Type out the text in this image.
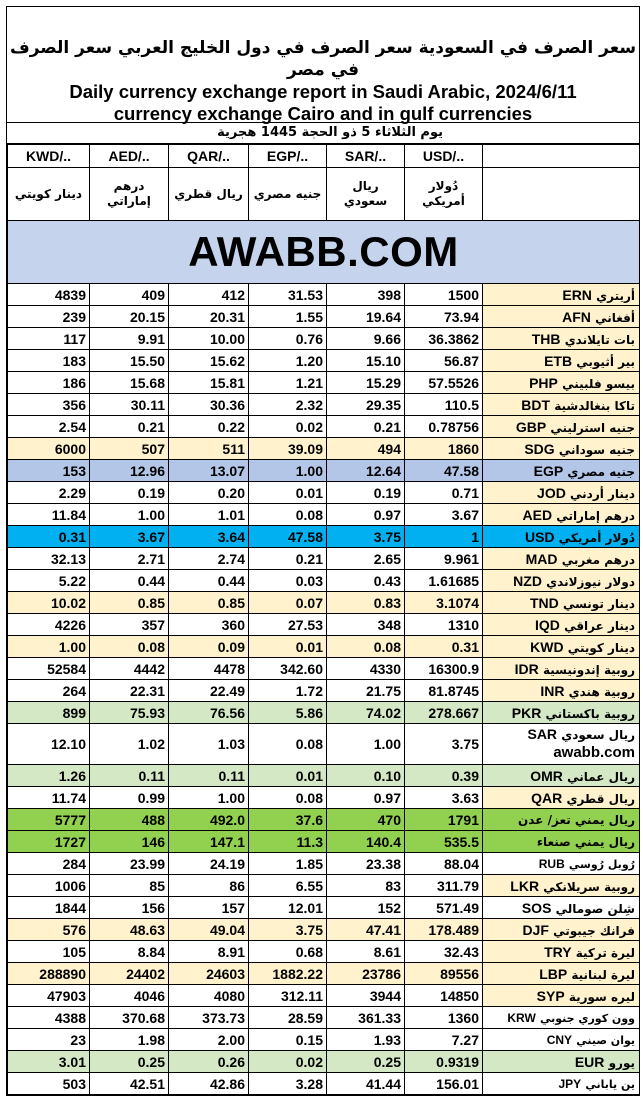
سعر الصرف في السعودية سعر الصرف في دول الخليج العربي سعر الصرف في مصر
Daily currency exchange report in Saudi Arabic, 2024/6/11
currency exchange Cairo and in gulf currencies
يوم الثلاثاء 5 ذو الحجة 1445 هجرية
KWD/..	AED/..	QAR/..	EGP/..	SAR/..	USD/..	
دينار كويتي	درهم إماراتي	ريال قطري	جنيه مصري	ريال سعودي	دُولار أمريكي	
AWABB.COM						
4839	409	412	31.53	398	1500	أريتري ERN
239	20.15	20.31	1.55	19.64	73.94	أفغاني AFN
117	9.91	10.00	0.76	9.66	36.3862	بات تايلاندي THB
183	15.50	15.62	1.20	15.10	56.87	بير أثيوبي ETB
186	15.68	15.81	1.21	15.29	57.5526	بيسو فلبيني PHP
356	30.11	30.36	2.32	29.35	110.5	تاكا بنغالدشية BDT
2.54	0.21	0.22	0.02	0.21	0.78756	جنيه استرليني GBP
6000	507	511	39.09	494	1860	جنيه سوداني SDG
153	12.96	13.07	1.00	12.64	47.58	جنيه مصري EGP
2.29	0.19	0.20	0.01	0.19	0.71	دينار أردني JOD
11.84	1.00	1.01	0.08	0.97	3.67	درهم إماراتي AED
0.31	3.67	3.64	47.58	3.75	1	دُولار أمريكي USD
32.13	2.71	2.74	0.21	2.65	9.961	درهم مغربي MAD
5.22	0.44	0.44	0.03	0.43	1.61685	دولار نيوزلاندي NZD
10.02	0.85	0.85	0.07	0.83	3.1074	دينار تونسي TND
4226	357	360	27.53	348	1310	دينار عراقي IQD
1.00	0.08	0.09	0.01	0.08	0.31	دينار كويتي KWD
52584	4442	4478	342.60	4330	16300.9	روبية إندونيسية IDR
264	22.31	22.49	1.72	21.75	81.8745	روبية هندي INR
899	75.93	76.56	5.86	74.02	278.667	روبية باكستاني PKR
12.10	1.02	1.03	0.08	1.00	3.75	ريال سعودي SAR
awabb.com
1.26	0.11	0.11	0.01	0.10	0.39	ريال عماني OMR
11.74	0.99	1.00	0.08	0.97	3.63	ريال قطري QAR
5777	488	492.0	37.6	470	1791	ريال يمني تعز/ عدن
1727	146	147.1	11.3	140.4	535.5	ريال يمني صنعاء
284	23.99	24.19	1.85	23.38	88.04	رُوبل رُوسي RUB
1006	85	86	6.55	83	311.79	روبية سريلانكي LKR
1844	156	157	12.01	152	571.49	شِلن صومالي SOS
576	48.63	49.04	3.75	47.41	178.489	فرانك جيبوتي DJF
105	8.84	8.91	0.68	8.61	32.43	ليرة تركية TRY
288890	24402	24603	1882.22	23786	89556	ليرة لبنانية LBP
47903	4046	4080	312.11	3944	14850	ليره سورية SYP
4388	370.68	373.73	28.59	361.33	1360	وون كوري جنوبي KRW
23	1.98	2.00	0.15	1.93	7.27	يوان صيني CNY
3.01	0.25	0.26	0.02	0.25	0.9319	يورو EUR
503	42.51	42.86	3.28	41.44	156.01	ين ياباني JPY
